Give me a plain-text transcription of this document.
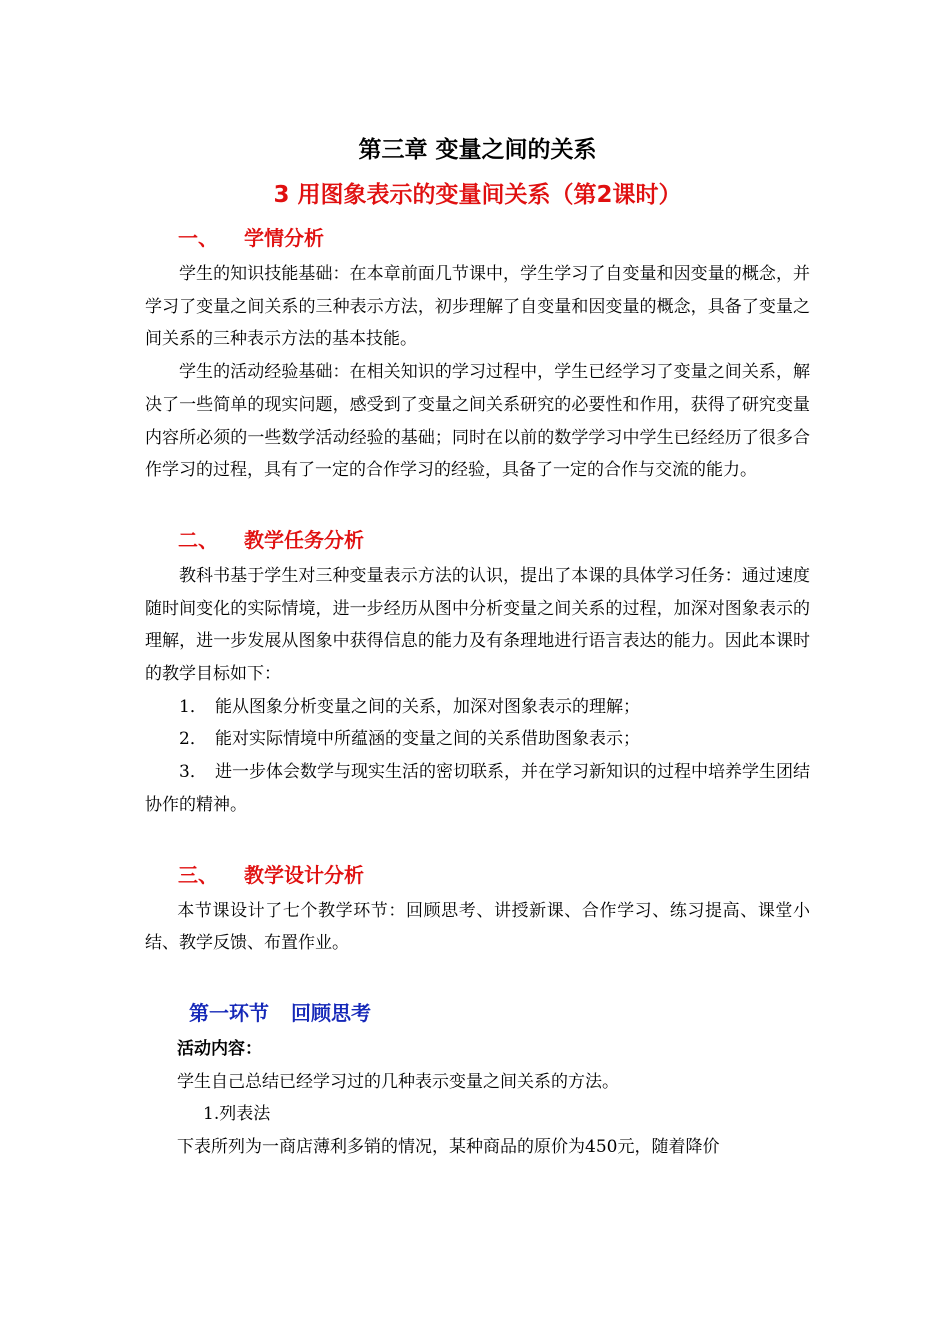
第三章 变量之间的关系
3 用图象表示的变量间关系（第2课时）
一、 学情分析

学生的知识技能基础：在本章前面几节课中，学生学习了自变量和因变量的概念，并学习了变量之间关系的三种表示方法，初步理解了自变量和因变量的概念，具备了变量之间关系的三种表示方法的基本技能。

学生的活动经验基础：在相关知识的学习过程中，学生已经学习了变量之间关系，解决了一些简单的现实问题，感受到了变量之间关系研究的必要性和作用，获得了研究变量内容所必须的一些数学活动经验的基础；同时在以前的数学学习中学生已经经历了很多合作学习的过程，具有了一定的合作学习的经验，具备了一定的合作与交流的能力。

二、 教学任务分析

教科书基于学生对三种变量表示方法的认识，提出了本课的具体学习任务：通过速度随时间变化的实际情境，进一步经历从图中分析变量之间关系的过程，加深对图象表示的理解，进一步发展从图象中获得信息的能力及有条理地进行语言表达的能力。因此本课时的教学目标如下：

1． 能从图象分析变量之间的关系，加深对图象表示的理解；

2． 能对实际情境中所蕴涵的变量之间的关系借助图象表示；

3． 进一步体会数学与现实生活的密切联系，并在学习新知识的过程中培养学生团结协作的精神。

三、 教学设计分析

本节课设计了七个教学环节：回顾思考、讲授新课、合作学习、练习提高、课堂小结、教学反馈、布置作业。

第一环节 回顾思考

活动内容：

学生自己总结已经学习过的几种表示变量之间关系的方法。

1.列表法

下表所列为一商店薄利多销的情况，某种商品的原价为450元，随着降价
